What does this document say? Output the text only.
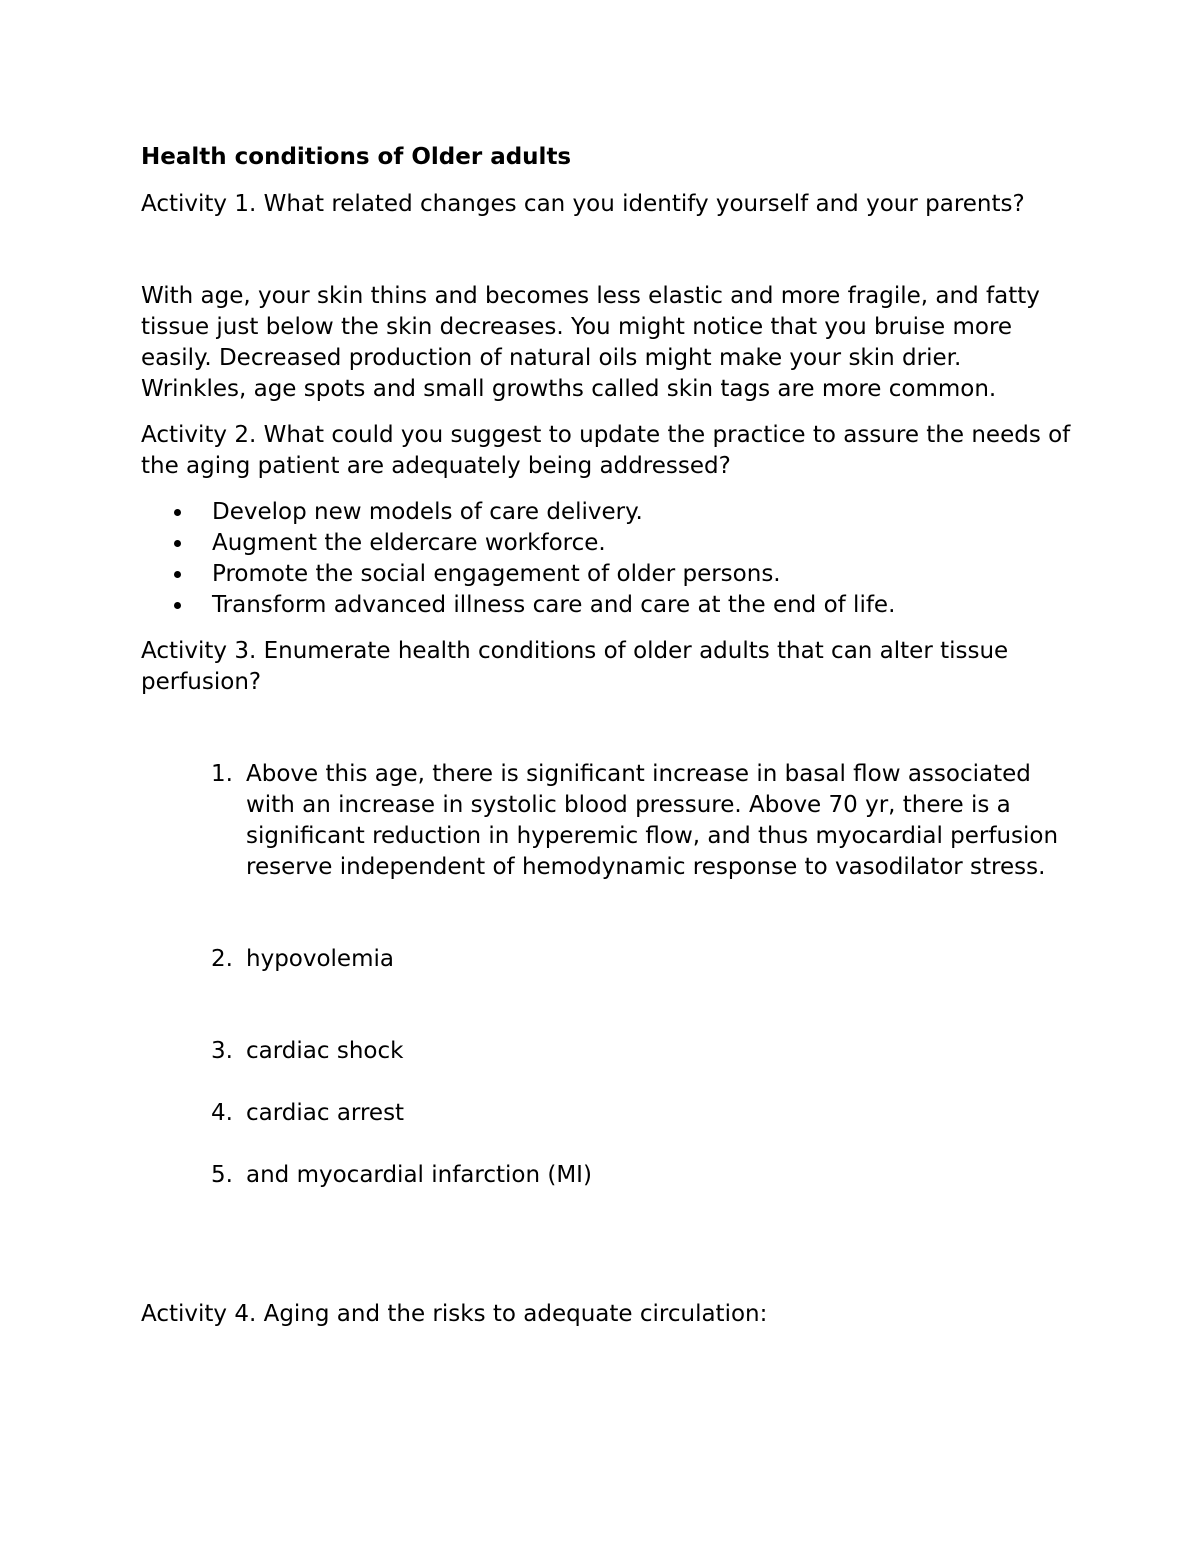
Health conditions of Older adults

Activity 1. What related changes can you identify yourself and your parents?

With age, your skin thins and becomes less elastic and more fragile, and fatty tissue just below the skin decreases. You might notice that you bruise more easily. Decreased production of natural oils might make your skin drier. Wrinkles, age spots and small growths called skin tags are more common.

Activity 2. What could you suggest to update the practice to assure the needs of the aging patient are adequately being addressed?

Develop new models of care delivery.
Augment the eldercare workforce.
Promote the social engagement of older persons.
Transform advanced illness care and care at the end of life.

Activity 3. Enumerate health conditions of older adults that can alter tissue perfusion?

1. Above this age, there is significant increase in basal flow associated with an increase in systolic blood pressure. Above 70 yr, there is a significant reduction in hyperemic flow, and thus myocardial perfusion reserve independent of hemodynamic response to vasodilator stress.
2. hypovolemia
3. cardiac shock
4. cardiac arrest
5. and myocardial infarction (MI)

Activity 4. Aging and the risks to adequate circulation:
